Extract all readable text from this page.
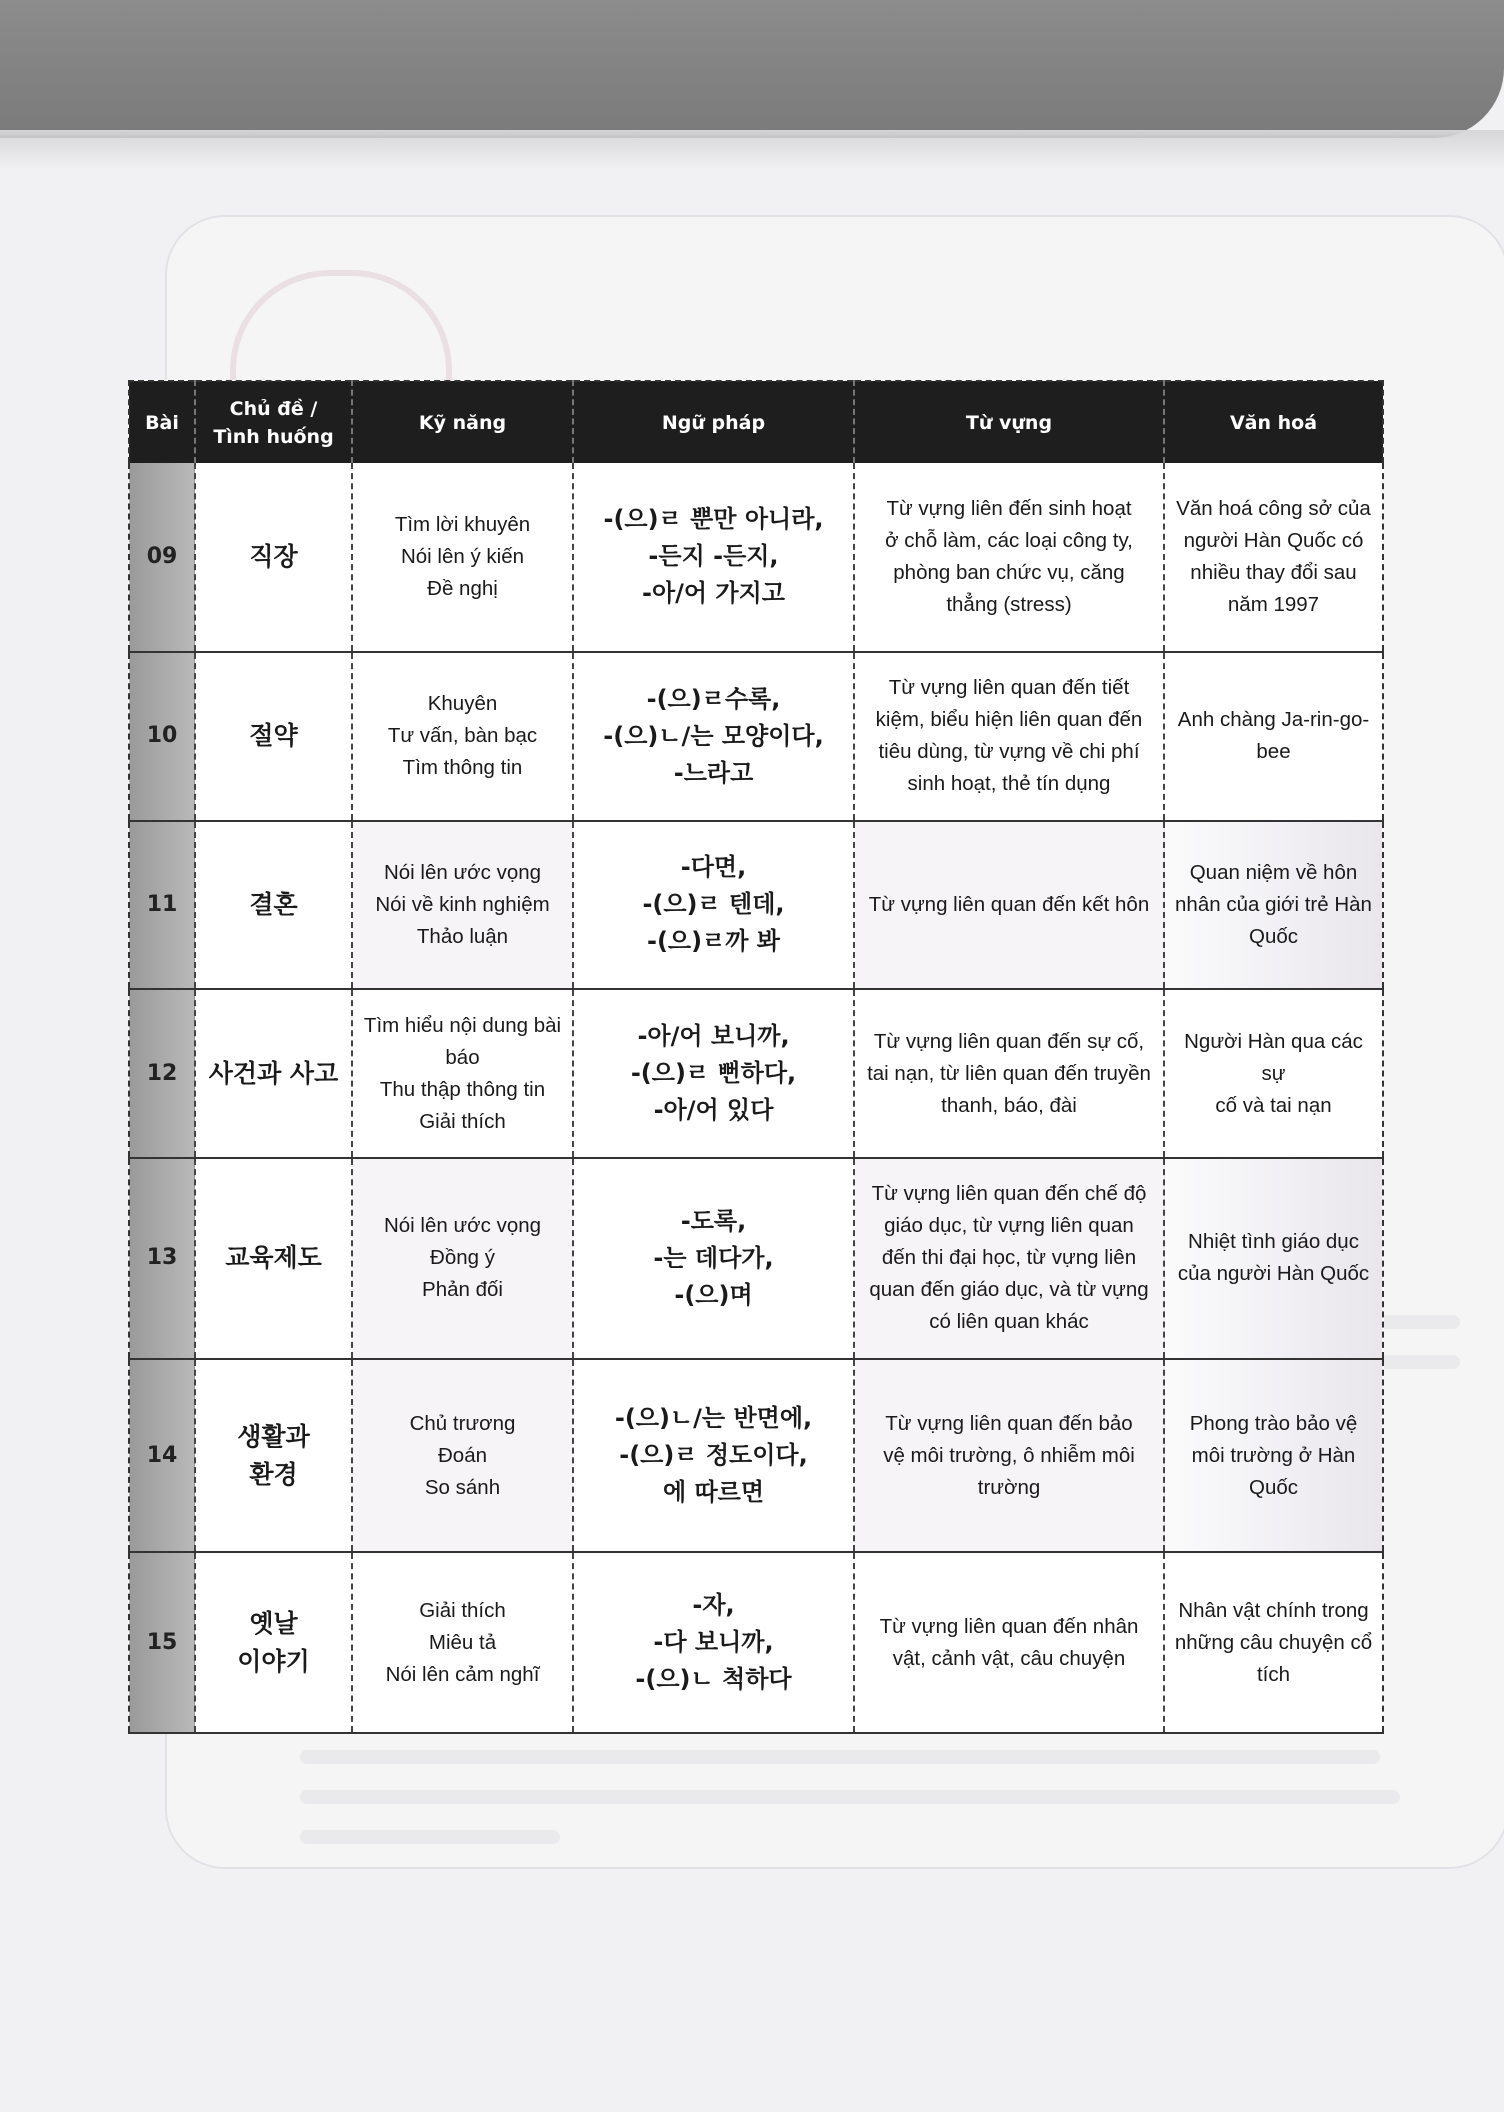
Bài	Chủ đề /
Tình huống	Kỹ năng	Ngữ pháp	Từ vựng	Văn hoá
09	직장	Tìm lời khuyên
Nói lên ý kiến
Đề nghị	-(으)ㄹ 뿐만 아니라,
-든지 -든지,
-아/어 가지고	Từ vựng liên đến sinh hoạt
ở chỗ làm, các loại công ty,
phòng ban chức vụ, căng
thẳng (stress)	Văn hoá công sở của
người Hàn Quốc có
nhiều thay đổi sau
năm 1997

10	절약	Khuyên
Tư vấn, bàn bạc
Tìm thông tin	-(으)ㄹ수록,
-(으)ㄴ/는 모양이다,
-느라고	Từ vựng liên quan đến tiết
kiệm, biểu hiện liên quan đến
tiêu dùng, từ vựng về chi phí
sinh hoạt, thẻ tín dụng	Anh chàng Ja-rin-go-
bee

11	결혼	Nói lên ước vọng
Nói về kinh nghiệm
Thảo luận	-다면,
-(으)ㄹ 텐데,
-(으)ㄹ까 봐	Từ vựng liên quan đến kết hôn	Quan niệm về hôn
nhân của giới trẻ Hàn
Quốc

12	사건과 사고	Tìm hiểu nội dung bài
báo
Thu thập thông tin
Giải thích	-아/어 보니까,
-(으)ㄹ 뻔하다,
-아/어 있다	Từ vựng liên quan đến sự cố,
tai nạn, từ liên quan đến truyền
thanh, báo, đài	Người Hàn qua các sự
cố và tai nạn

13	교육제도	Nói lên ước vọng
Đồng ý
Phản đối	-도록,
-는 데다가,
-(으)며	Từ vựng liên quan đến chế độ
giáo dục, từ vựng liên quan
đến thi đại học, từ vựng liên
quan đến giáo dục, và từ vựng
có liên quan khác	Nhiệt tình giáo dục
của người Hàn Quốc

14	생활과
환경	Chủ trương
Đoán
So sánh	-(으)ㄴ/는 반면에,
-(으)ㄹ 정도이다,
에 따르면	Từ vựng liên quan đến bảo
vệ môi trường, ô nhiễm môi
trường	Phong trào bảo vệ
môi trường ở Hàn
Quốc

15	옛날
이야기	Giải thích
Miêu tả
Nói lên cảm nghĩ	-자,
-다 보니까,
-(으)ㄴ 척하다	Từ vựng liên quan đến nhân
vật, cảnh vật, câu chuyện	Nhân vật chính trong
những câu chuyện cổ
tích
